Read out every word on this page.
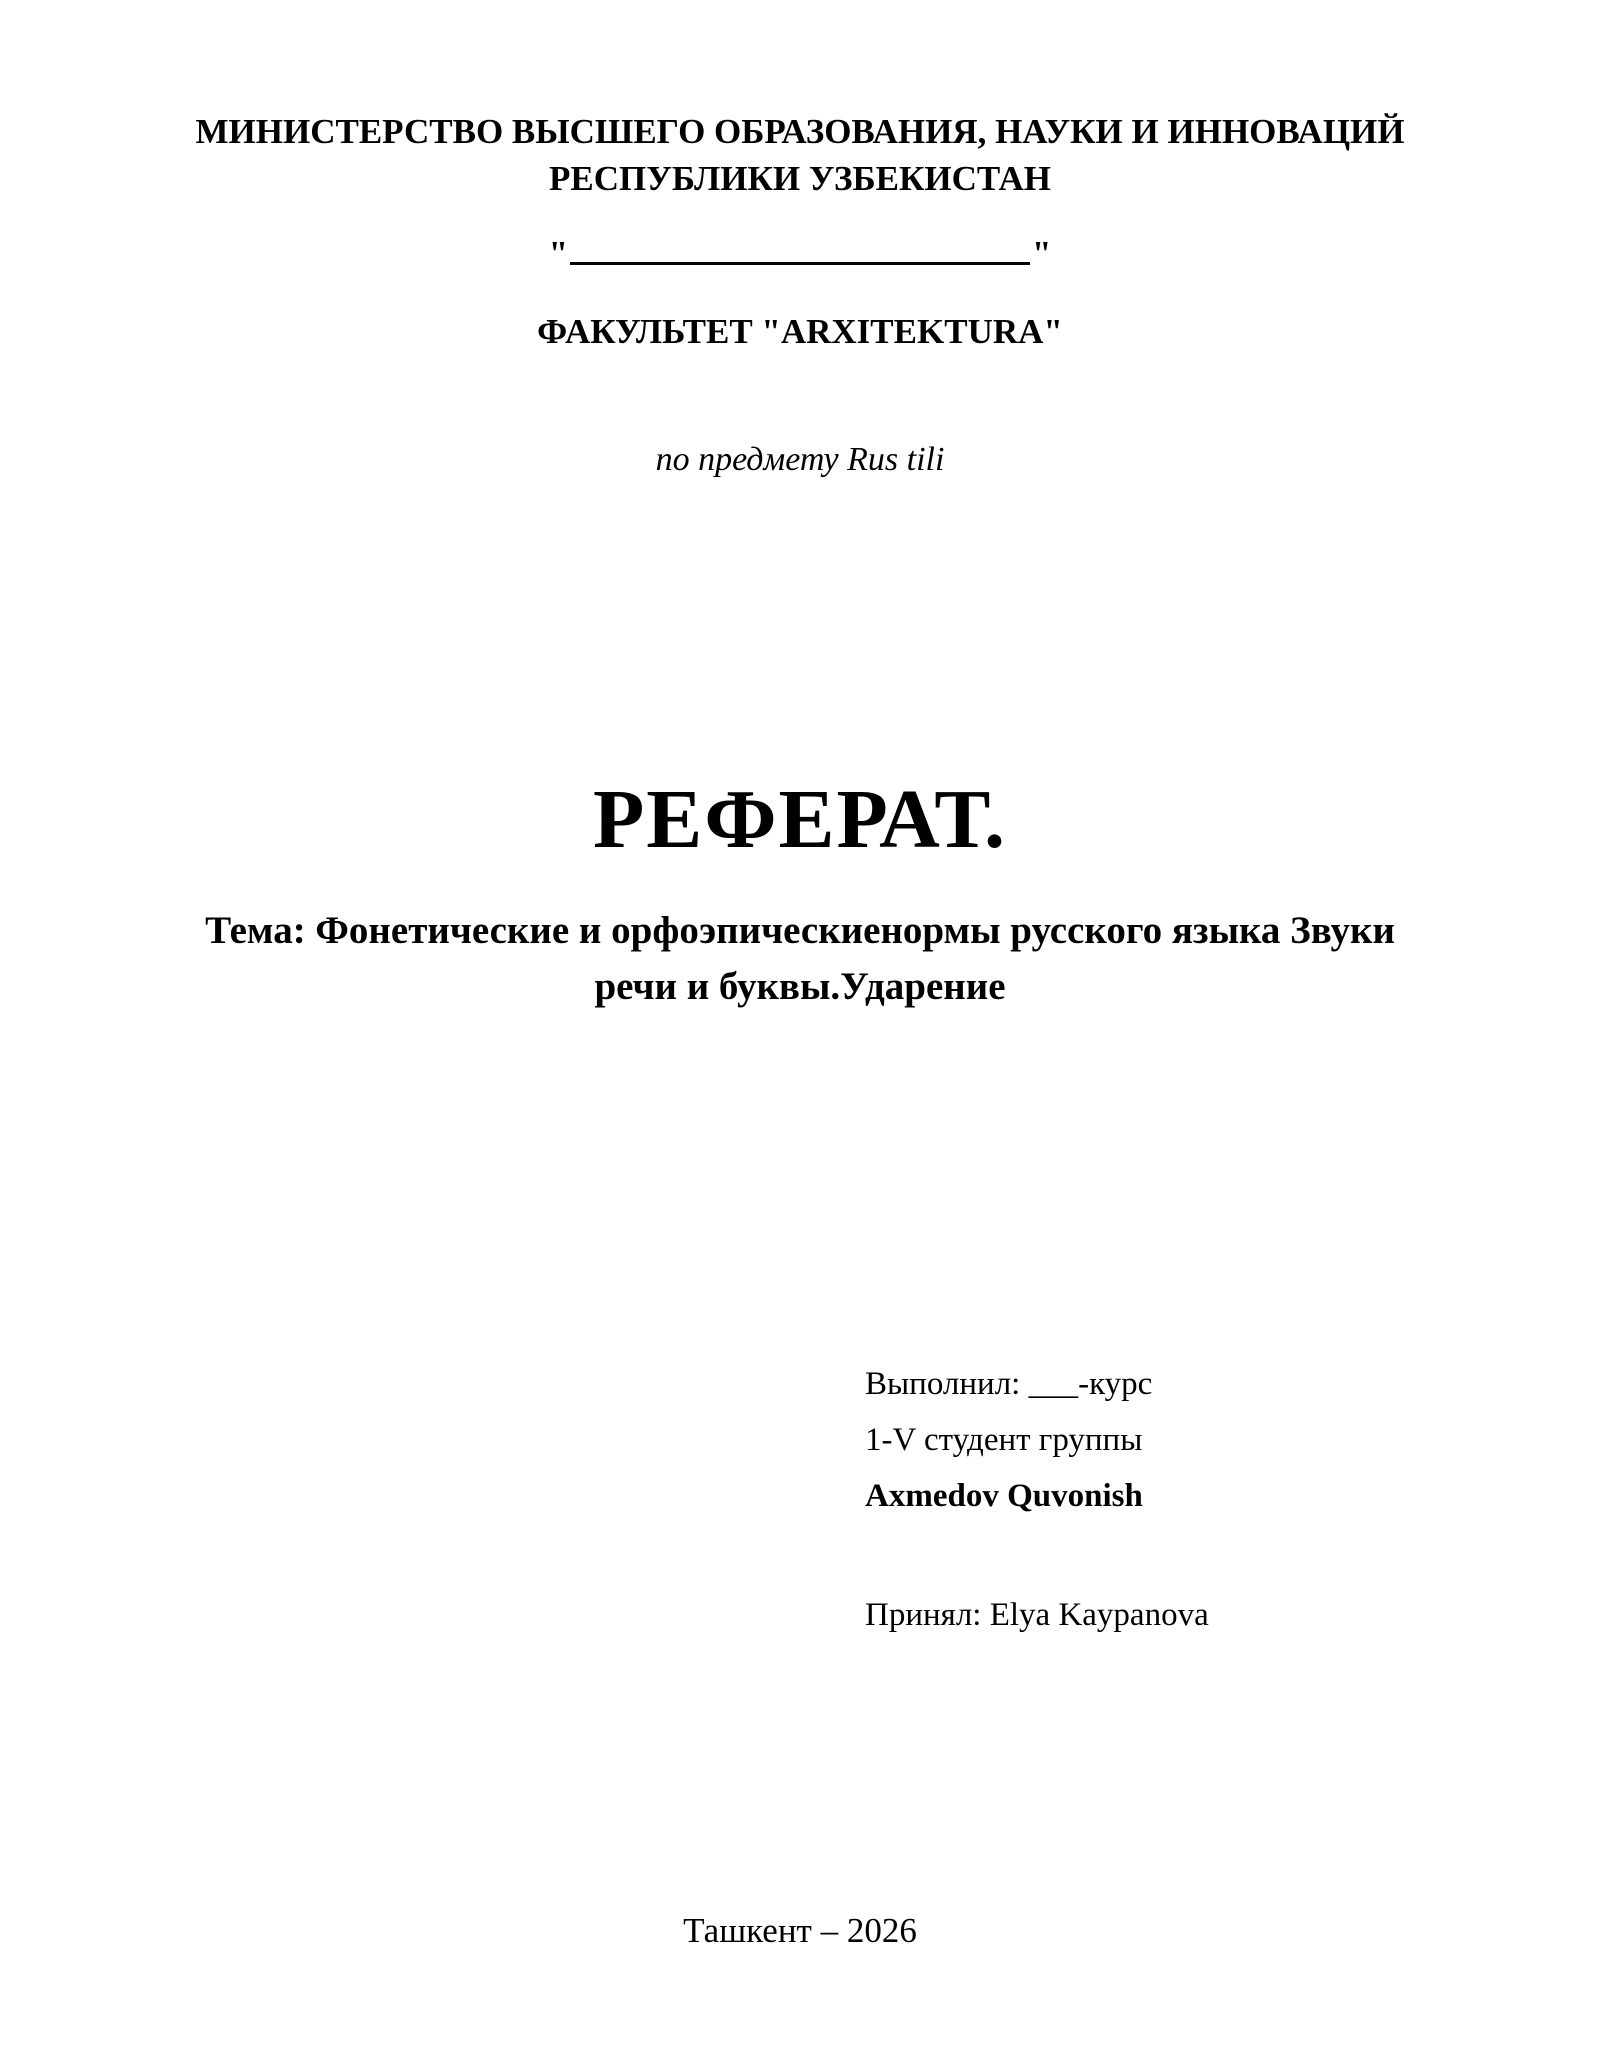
МИНИСТЕРСТВО ВЫСШЕГО ОБРАЗОВАНИЯ, НАУКИ И ИННОВАЦИЙ
РЕСПУБЛИКИ УЗБЕКИСТАН
"	"
ФАКУЛЬТЕТ "ARXITEKTURA"
по предмету Rus tili
РЕФЕРАТ.
Тема: Фонетические и орфоэпическиенормы русского языка Звуки
речи и буквы.Ударение
Выполнил: ___-курс
1-V студент группы
Axmedov Quvonish
Принял: Elya Kaypanova
Ташкент – 2026
